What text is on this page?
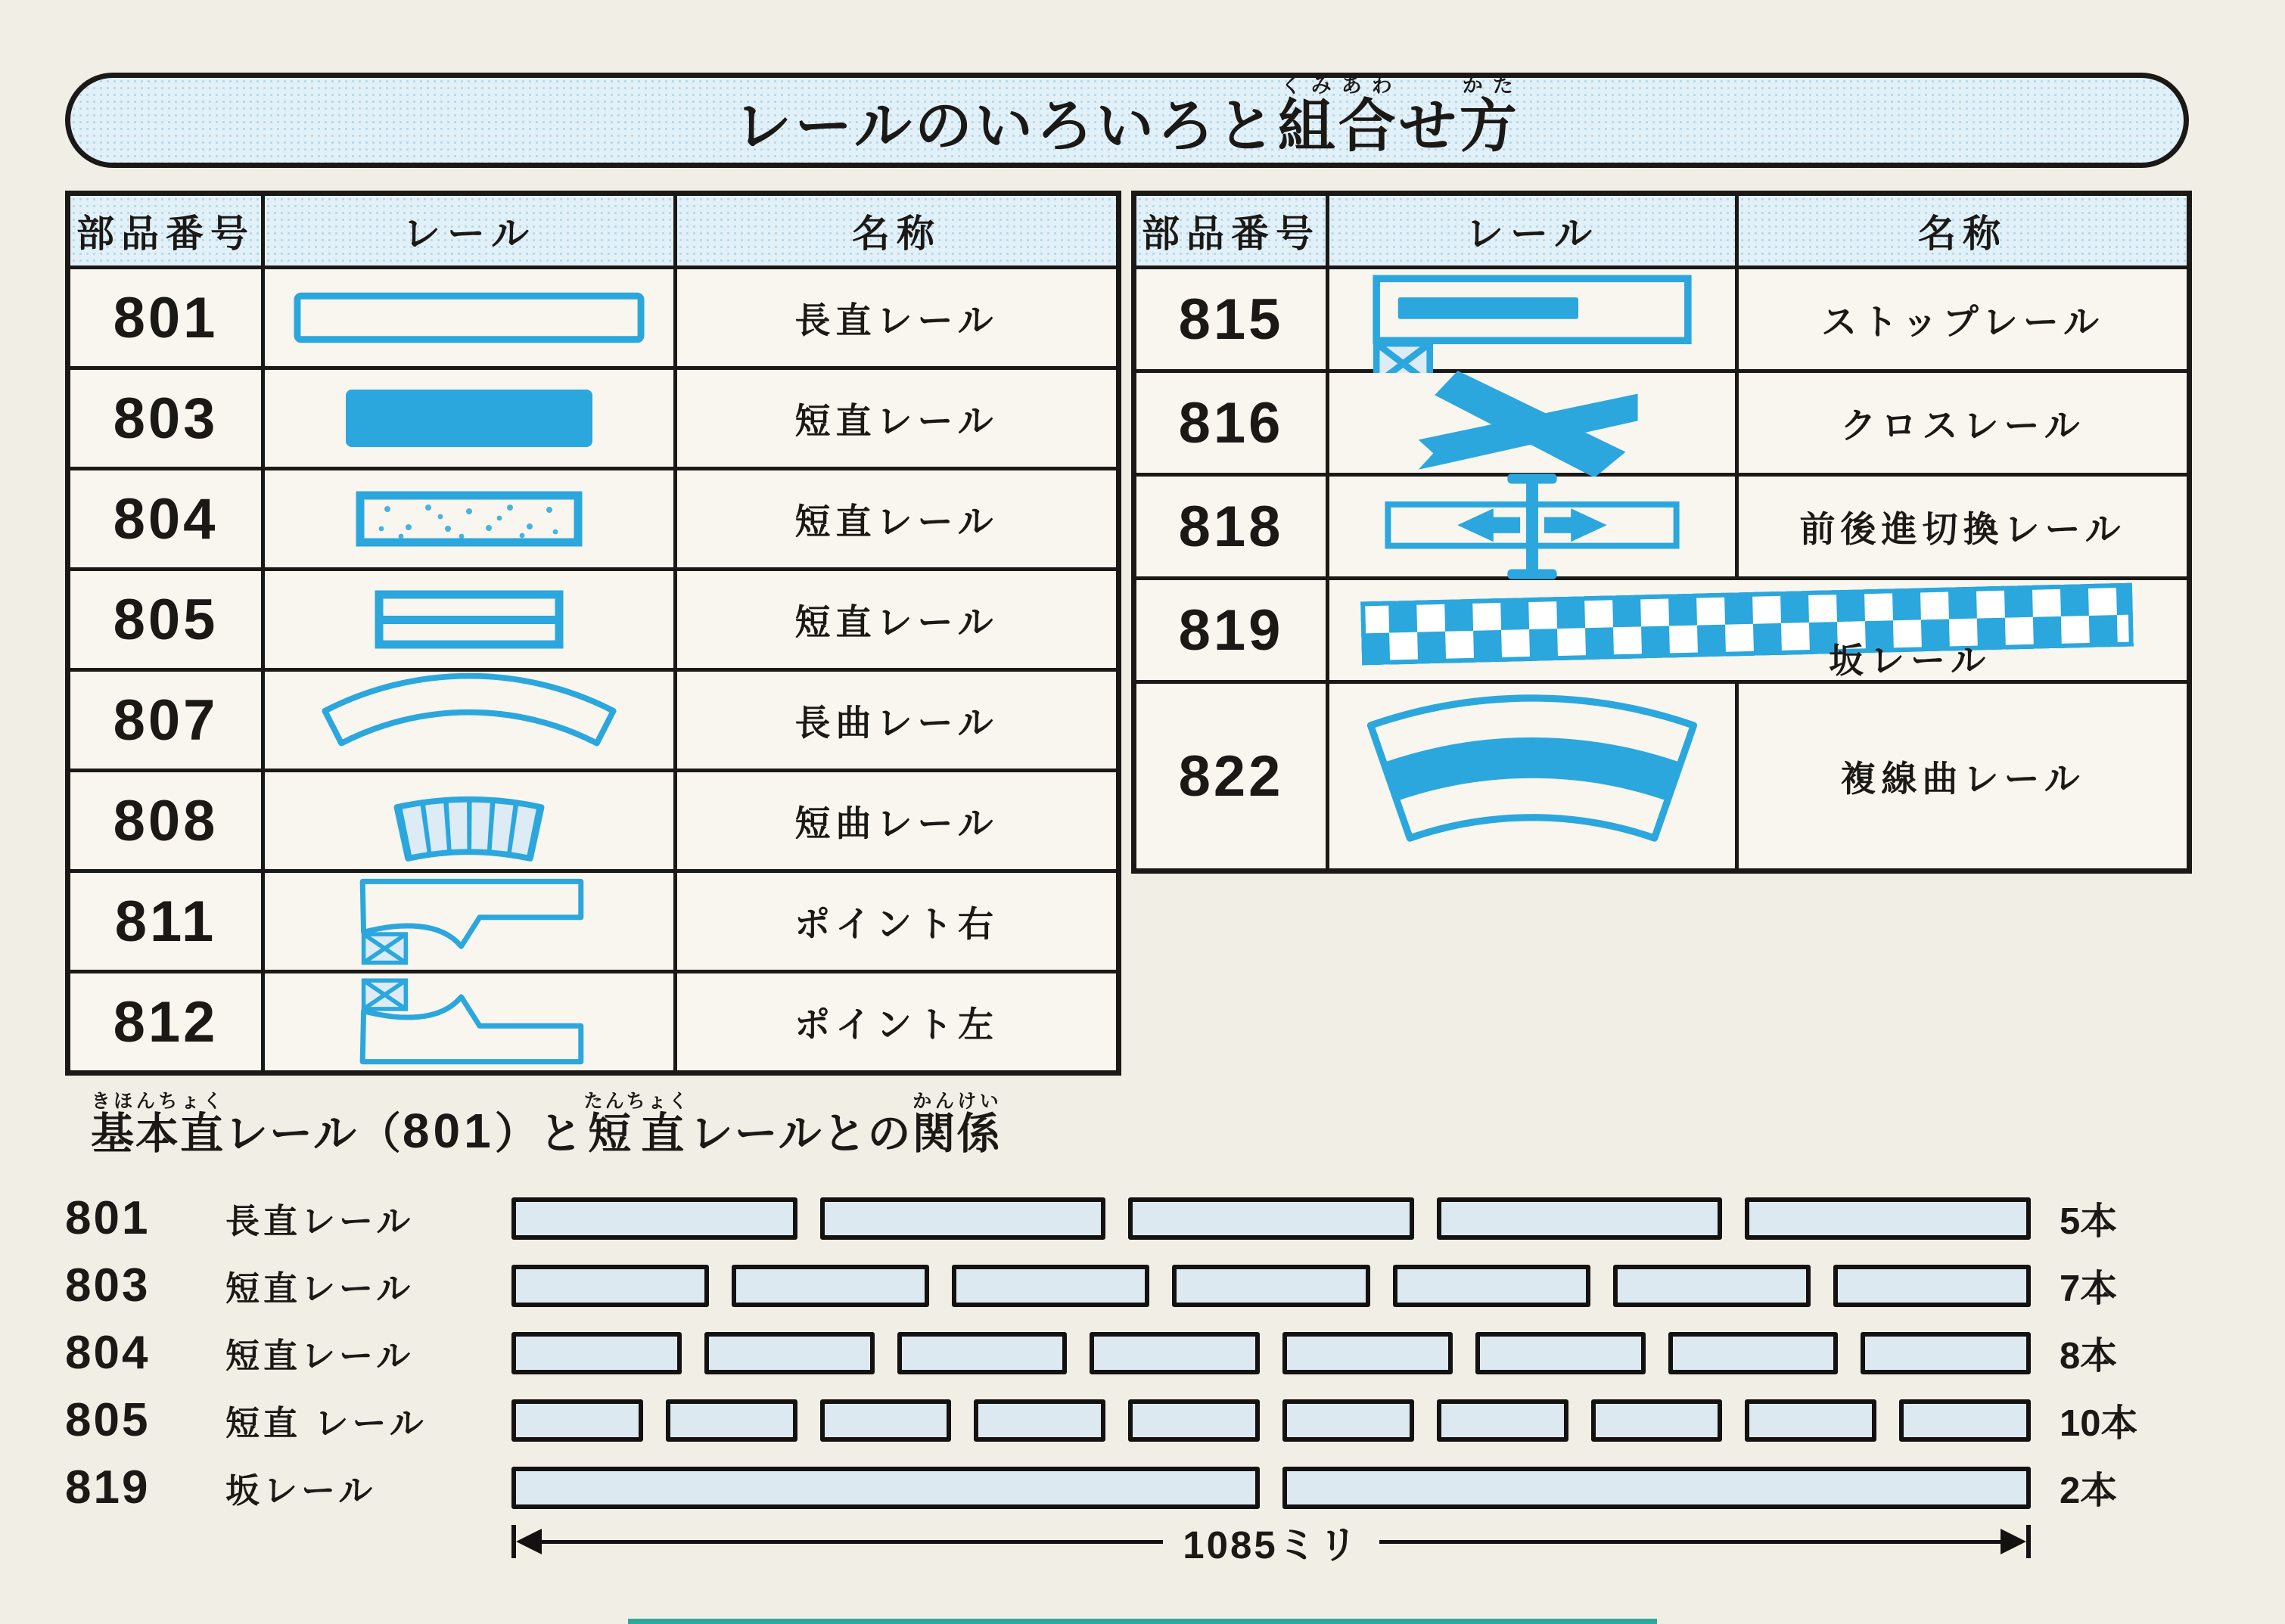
レールのいろいろと 組合くみあわ
せ 方かた
部品番号	レール	名称
801	長直レール
803	短直レール
804	短直レール
805	短直レール
807	長曲レール
808	短曲レール
811	ポイント右
812	ポイント左
部品番号	レール	名称
815	ストップレール
816	クロスレール
818	前後進切換レール
819	坂レール
822	複線曲レール
基本直きほんちょく
レール（ 801 ）と 短直たんちょく
レールとの 関係かんけい
801	長直レール	5本
803	短直レール	7本
804	短直レール	8本
805	短直 レール	10本
819	坂レール	2本
1085ミリ
